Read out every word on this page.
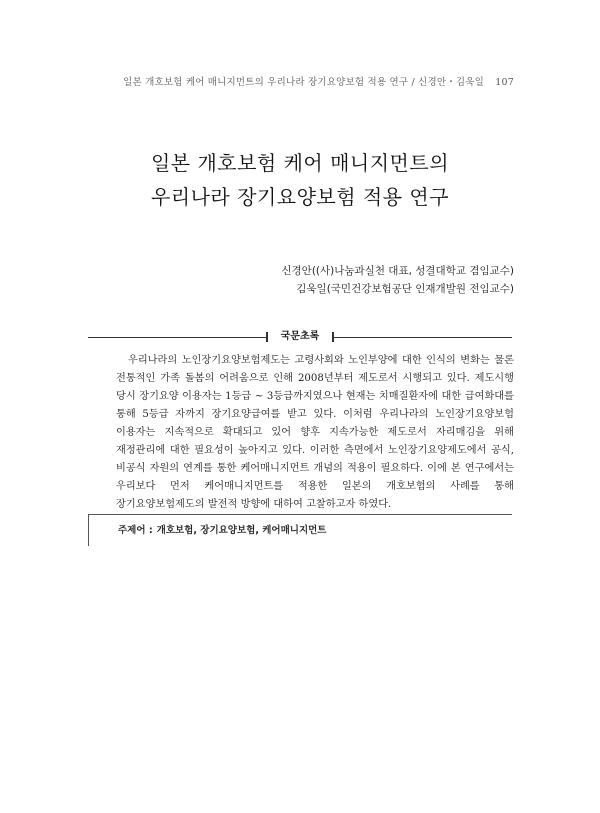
일본 개호보험 케어 매니지먼트의 우리나라 장기요양보험 적용 연구 / 신경안・김욱일 107
일본 개호보험 케어 매니지먼트의
우리나라 장기요양보험 적용 연구
신경안((사)나눔과실천 대표, 성결대학교 겸임교수)
김욱일(국민건강보험공단 인재개발원 전임교수)
국문초록
우리나라의 노인장기요양보험제도는 고령사회와 노인부양에 대한 인식의 변화는 물론 전통적인 가족 돌봄의 어려움으로 인해 2008년부터 제도로서 시행되고 있다. 제도시행 당시 장기요양 이용자는 1등급 ~ 3등급까지였으나 현재는 치매질환자에 대한 급여화대를 통해 5등급 자까지 장기요양급여를 받고 있다. 이처럼 우리나라의 노인장기요양보험 이용자는 지속적으로 확대되고 있어 향후 지속가능한 제도로서 자리매김을 위해 재정관리에 대한 필요성이 높아지고 있다. 이러한 측면에서 노인장기요양제도에서 공식, 비공식 자원의 연계를 통한 케어매니지먼트 개념의 적용이 필요하다. 이에 본 연구에서는 우리보다 먼저 케어매니지먼트를 적용한 일본의 개호보험의 사례를 통해 장기요양보험제도의 발전적 방향에 대하여 고찰하고자 하였다.
주제어 : 개호보험, 장기요양보험, 케어매니지먼트
